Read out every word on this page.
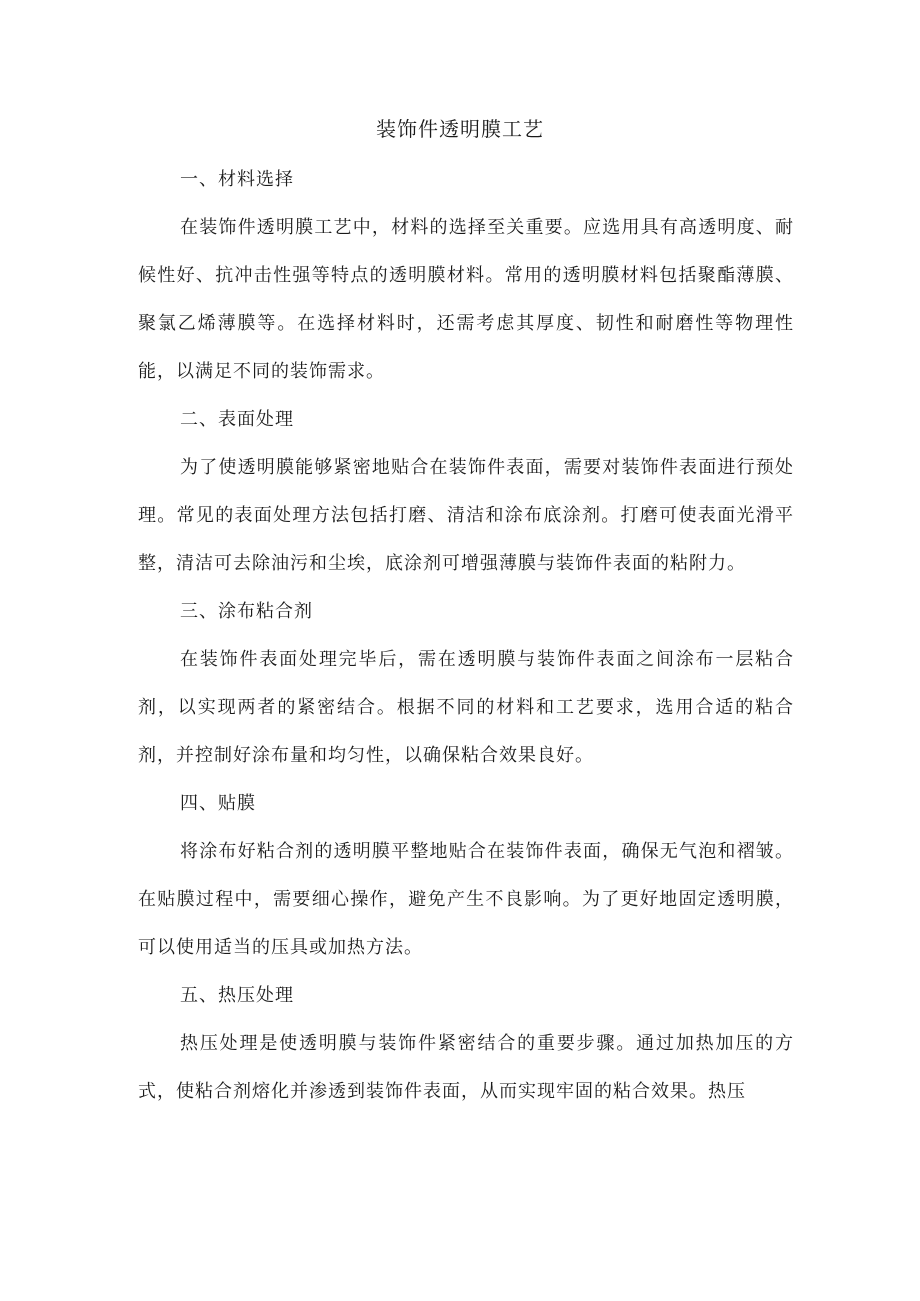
装饰件透明膜工艺

一、材料选择

在装饰件透明膜工艺中，材料的选择至关重要。应选用具有高透明度、耐候性好、抗冲击性强等特点的透明膜材料。常用的透明膜材料包括聚酯薄膜、聚氯乙烯薄膜等。在选择材料时，还需考虑其厚度、韧性和耐磨性等物理性能，以满足不同的装饰需求。

二、表面处理

为了使透明膜能够紧密地贴合在装饰件表面，需要对装饰件表面进行预处理。常见的表面处理方法包括打磨、清洁和涂布底涂剂。打磨可使表面光滑平整，清洁可去除油污和尘埃，底涂剂可增强薄膜与装饰件表面的粘附力。

三、涂布粘合剂

在装饰件表面处理完毕后，需在透明膜与装饰件表面之间涂布一层粘合剂，以实现两者的紧密结合。根据不同的材料和工艺要求，选用合适的粘合剂，并控制好涂布量和均匀性，以确保粘合效果良好。

四、贴膜

将涂布好粘合剂的透明膜平整地贴合在装饰件表面，确保无气泡和褶皱。在贴膜过程中，需要细心操作，避免产生不良影响。为了更好地固定透明膜，可以使用适当的压具或加热方法。

五、热压处理

热压处理是使透明膜与装饰件紧密结合的重要步骤。通过加热加压的方式，使粘合剂熔化并渗透到装饰件表面，从而实现牢固的粘合效果。热压
